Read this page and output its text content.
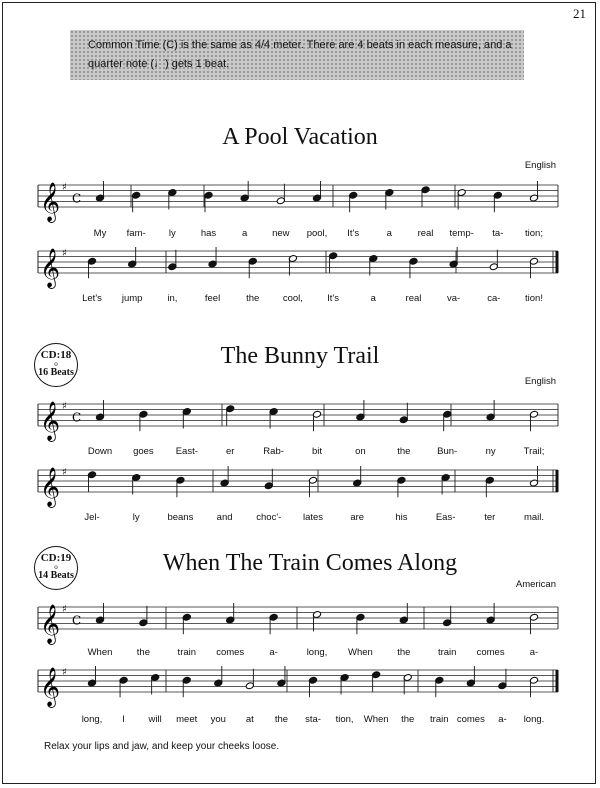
21
Common Time (C) is the same as 4/4 meter. There are 4 beats in each measure, and a
quarter note (♩) gets 1 beat.
A Pool Vacation
English
CD:18
o
16 Beats
The Bunny Trail
English
CD:19
o
14 Beats	When The Train Comes Along
American
𝄞 ♯
C
𝄞 ♯
𝄞 ♯
C
𝄞 ♯
𝄞 ♯
C
𝄞 ♯
My fam- ly	has	a	new pool, It's	a	real temp- ta- tion;
Let's jump	in,	feel	the cool,	It's	a	real	va-	ca-	tion!
Down goes East-	er	Rab-	bit	on	the	Bun-	ny	Trail;
Jel-	ly	beans and	choc'- lates	are	his	Eas-	ter	mail.
When	the	train comes	a-	long, When	the	train comes	a-
long, I will meet you at the sta- tion, When the train comes a- long.
Relax your lips and jaw, and keep your cheeks loose.
